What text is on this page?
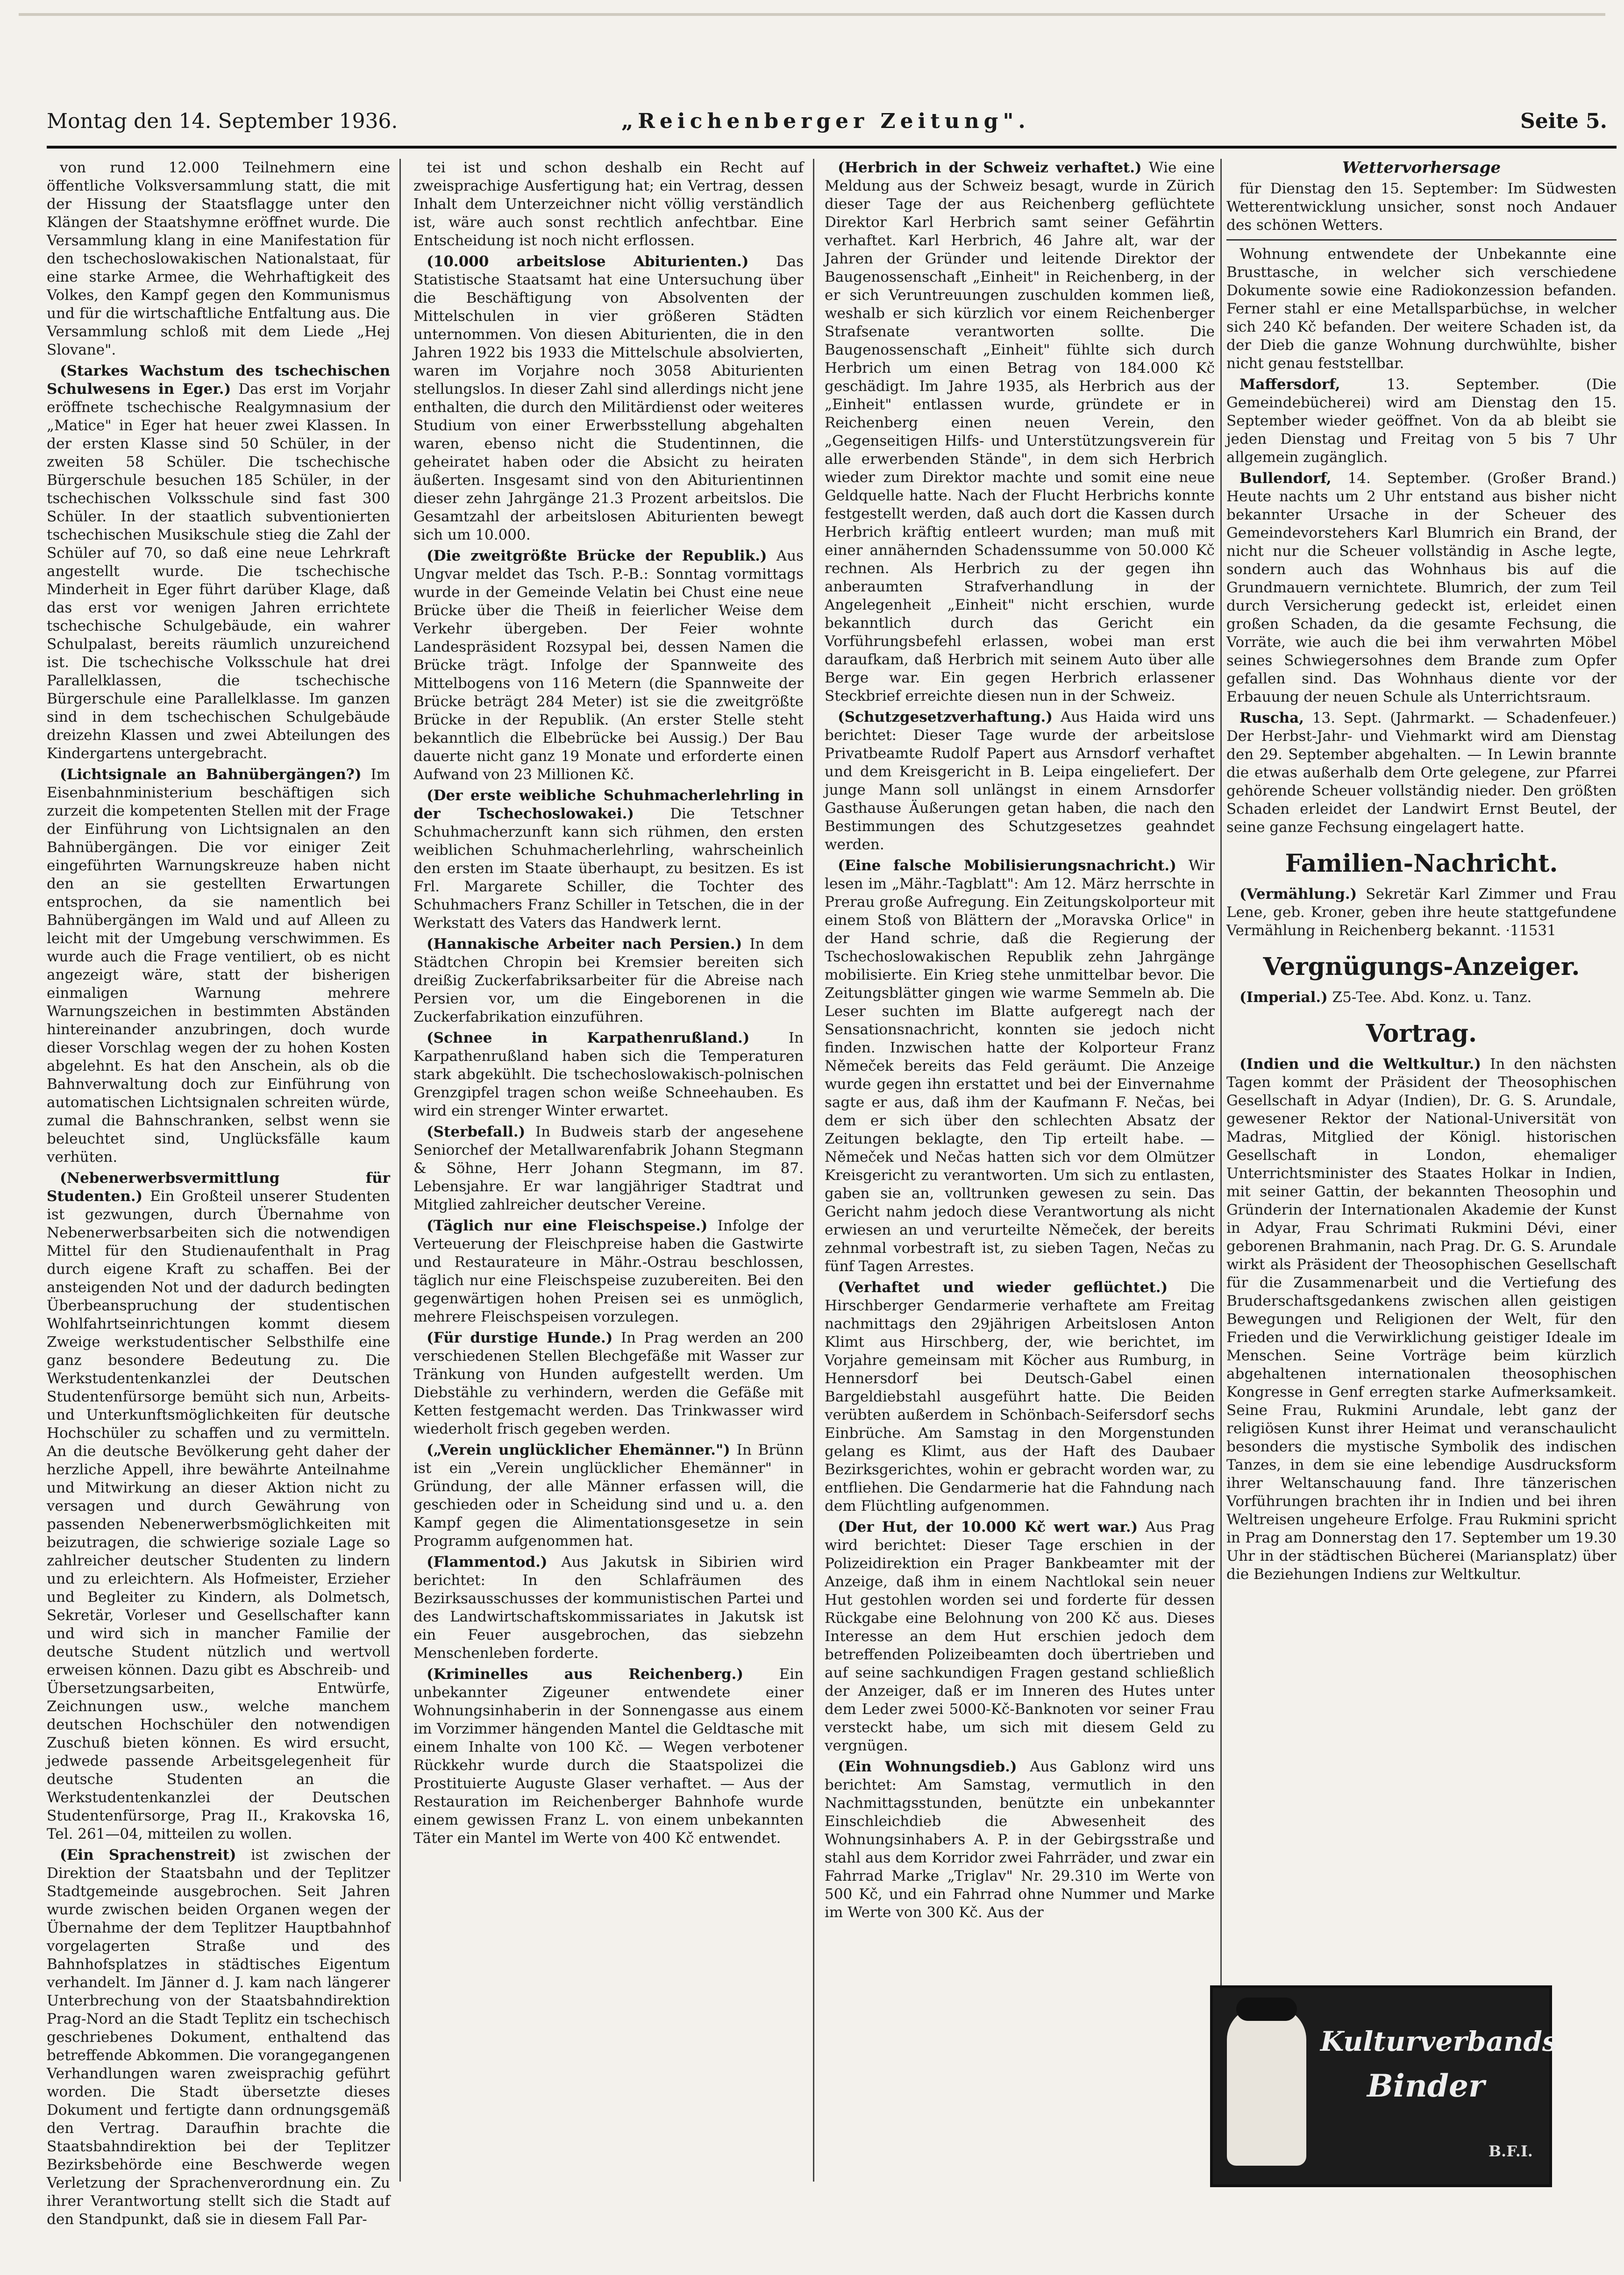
Montag den 14. September 1936.	„Reichenberger Zeitung".	Seite 5.
von rund 12.000 Teilnehmern eine öffentliche Volksversammlung statt, die mit der Hissung der Staatsflagge unter den Klängen der Staatshymne eröffnet wurde. Die Versammlung klang in eine Manifestation für den tschechoslowakischen Nationalstaat, für eine starke Armee, die Wehrhaftigkeit des Volkes, den Kampf gegen den Kommunismus und für die wirtschaftliche Entfaltung aus. Die Versammlung schloß mit dem Liede „Hej Slovane".
(Starkes Wachstum des tschechischen Schulwesens in Eger.) Das erst im Vorjahr eröffnete tschechische Realgymnasium der „Matice" in Eger hat heuer zwei Klassen. In der ersten Klasse sind 50 Schüler, in der zweiten 58 Schüler. Die tschechische Bürgerschule besuchen 185 Schüler, in der tschechischen Volksschule sind fast 300 Schüler. In der staatlich subventionierten tschechischen Musikschule stieg die Zahl der Schüler auf 70, so daß eine neue Lehrkraft angestellt wurde. Die tschechische Minderheit in Eger führt darüber Klage, daß das erst vor wenigen Jahren errichtete tschechische Schulgebäude, ein wahrer Schulpalast, bereits räumlich unzureichend ist. Die tschechische Volksschule hat drei Parallelklassen, die tschechische Bürgerschule eine Parallelklasse. Im ganzen sind in dem tschechischen Schulgebäude dreizehn Klassen und zwei Abteilungen des Kindergartens untergebracht.
(Lichtsignale an Bahnübergängen?) Im Eisenbahnministerium beschäftigen sich zurzeit die kompetenten Stellen mit der Frage der Einführung von Lichtsignalen an den Bahnübergängen. Die vor einiger Zeit eingeführten Warnungskreuze haben nicht den an sie gestellten Erwartungen entsprochen, da sie namentlich bei Bahnübergängen im Wald und auf Alleen zu leicht mit der Umgebung verschwimmen. Es wurde auch die Frage ventiliert, ob es nicht angezeigt wäre, statt der bisherigen einmaligen Warnung mehrere Warnungszeichen in bestimmten Abständen hintereinander anzubringen, doch wurde dieser Vorschlag wegen der zu hohen Kosten abgelehnt. Es hat den Anschein, als ob die Bahnverwaltung doch zur Einführung von automatischen Lichtsignalen schreiten würde, zumal die Bahnschranken, selbst wenn sie beleuchtet sind, Unglücksfälle kaum verhüten.
(Nebenerwerbsvermittlung für Studenten.) Ein Großteil unserer Studenten ist gezwungen, durch Übernahme von Nebenerwerbsarbeiten sich die notwendigen Mittel für den Studienaufenthalt in Prag durch eigene Kraft zu schaffen. Bei der ansteigenden Not und der dadurch bedingten Überbeanspruchung der studentischen Wohlfahrtseinrichtungen kommt diesem Zweige werkstudentischer Selbsthilfe eine ganz besondere Bedeutung zu. Die Werkstudentenkanzlei der Deutschen Studentenfürsorge bemüht sich nun, Arbeits- und Unterkunftsmöglichkeiten für deutsche Hochschüler zu schaffen und zu vermitteln. An die deutsche Bevölkerung geht daher der herzliche Appell, ihre bewährte Anteilnahme und Mitwirkung an dieser Aktion nicht zu versagen und durch Gewährung von passenden Nebenerwerbsmöglichkeiten mit beizutragen, die schwierige soziale Lage so zahlreicher deutscher Studenten zu lindern und zu erleichtern. Als Hofmeister, Erzieher und Begleiter zu Kindern, als Dolmetsch, Sekretär, Vorleser und Gesellschafter kann und wird sich in mancher Familie der deutsche Student nützlich und wertvoll erweisen können. Dazu gibt es Abschreib- und Übersetzungsarbeiten, Entwürfe, Zeichnungen usw., welche manchem deutschen Hochschüler den notwendigen Zuschuß bieten können. Es wird ersucht, jedwede passende Arbeitsgelegenheit für deutsche Studenten an die Werkstudentenkanzlei der Deutschen Studentenfürsorge, Prag II., Krakovska 16, Tel. 261—04, mitteilen zu wollen.
(Ein Sprachenstreit) ist zwischen der Direktion der Staatsbahn und der Teplitzer Stadtgemeinde ausgebrochen. Seit Jahren wurde zwischen beiden Organen wegen der Übernahme der dem Teplitzer Hauptbahnhof vorgelagerten Straße und des Bahnhofsplatzes in städtisches Eigentum verhandelt. Im Jänner d. J. kam nach längerer Unterbrechung von der Staatsbahndirektion Prag-Nord an die Stadt Teplitz ein tschechisch geschriebenes Dokument, enthaltend das betreffende Abkommen. Die vorangegangenen Verhandlungen waren zweisprachig geführt worden. Die Stadt übersetzte dieses Dokument und fertigte dann ordnungsgemäß den Vertrag. Daraufhin brachte die Staatsbahndirektion bei der Teplitzer Bezirksbehörde eine Beschwerde wegen Verletzung der Sprachenverordnung ein. Zu ihrer Verantwortung stellt sich die Stadt auf den Standpunkt, daß sie in diesem Fall Par-
tei ist und schon deshalb ein Recht auf zweisprachige Ausfertigung hat; ein Vertrag, dessen Inhalt dem Unterzeichner nicht völlig verständlich ist, wäre auch sonst rechtlich anfechtbar. Eine Entscheidung ist noch nicht erflossen.
(10.000 arbeitslose Abiturienten.) Das Statistische Staatsamt hat eine Untersuchung über die Beschäftigung von Absolventen der Mittelschulen in vier größeren Städten unternommen. Von diesen Abiturienten, die in den Jahren 1922 bis 1933 die Mittelschule absolvierten, waren im Vorjahre noch 3058 Abiturienten stellungslos. In dieser Zahl sind allerdings nicht jene enthalten, die durch den Militärdienst oder weiteres Studium von einer Erwerbsstellung abgehalten waren, ebenso nicht die Studentinnen, die geheiratet haben oder die Absicht zu heiraten äußerten. Insgesamt sind von den Abiturientinnen dieser zehn Jahrgänge 21.3 Prozent arbeitslos. Die Gesamtzahl der arbeitslosen Abiturienten bewegt sich um 10.000.
(Die zweitgrößte Brücke der Republik.) Aus Ungvar meldet das Tsch. P.-B.: Sonntag vormittags wurde in der Gemeinde Velatin bei Chust eine neue Brücke über die Theiß in feierlicher Weise dem Verkehr übergeben. Der Feier wohnte Landespräsident Rozsypal bei, dessen Namen die Brücke trägt. Infolge der Spannweite des Mittelbogens von 116 Metern (die Spannweite der Brücke beträgt 284 Meter) ist sie die zweitgrößte Brücke in der Republik. (An erster Stelle steht bekanntlich die Elbebrücke bei Aussig.) Der Bau dauerte nicht ganz 19 Monate und erforderte einen Aufwand von 23 Millionen Kč.
(Der erste weibliche Schuhmacherlehrling in der Tschechoslowakei.) Die Tetschner Schuhmacherzunft kann sich rühmen, den ersten weiblichen Schuhmacherlehrling, wahrscheinlich den ersten im Staate überhaupt, zu besitzen. Es ist Frl. Margarete Schiller, die Tochter des Schuhmachers Franz Schiller in Tetschen, die in der Werkstatt des Vaters das Handwerk lernt.
(Hannakische Arbeiter nach Persien.) In dem Städtchen Chropin bei Kremsier bereiten sich dreißig Zuckerfabriksarbeiter für die Abreise nach Persien vor, um die Eingeborenen in die Zuckerfabrikation einzuführen.
(Schnee in Karpathenrußland.)	In Karpathenrußland haben sich die Temperaturen stark abgekühlt. Die tschechoslowakisch-polnischen Grenzgipfel tragen schon weiße Schneehauben. Es wird ein strenger Winter erwartet.
(Sterbefall.) In Budweis starb der angesehene Seniorchef der Metallwarenfabrik Johann Stegmann & Söhne, Herr Johann Stegmann, im 87. Lebensjahre. Er war langjähriger Stadtrat und Mitglied zahlreicher deutscher Vereine.
(Täglich nur eine Fleischspeise.) Infolge der Verteuerung der Fleischpreise haben die Gastwirte und Restaurateure in Mähr.-Ostrau beschlossen, täglich nur eine Fleischspeise zuzubereiten. Bei den gegenwärtigen hohen Preisen sei es unmöglich, mehrere Fleischspeisen vorzulegen.
(Für durstige Hunde.) In Prag werden an 200 verschiedenen Stellen Blechgefäße mit Wasser zur Tränkung von Hunden aufgestellt werden. Um Diebstähle zu verhindern, werden die Gefäße mit Ketten festgemacht werden. Das Trinkwasser wird wiederholt frisch gegeben werden.
(„Verein unglücklicher Ehemänner.") In Brünn ist ein „Verein unglücklicher Ehemänner" in Gründung, der alle Männer erfassen will, die geschieden oder in Scheidung sind und u. a. den Kampf gegen die Alimentationsgesetze in sein Programm aufgenommen hat.
(Flammentod.) Aus Jakutsk in Sibirien wird berichtet: In den Schlafräumen des Bezirksausschusses der kommunistischen Partei und des Landwirtschaftskommissariates in Jakutsk ist ein Feuer ausgebrochen, das siebzehn Menschenleben forderte.
(Kriminelles aus Reichenberg.) Ein unbekannter Zigeuner entwendete einer Wohnungsinhaberin in der Sonnengasse aus einem im Vorzimmer hängenden Mantel die Geldtasche mit einem Inhalte von 100 Kč. — Wegen verbotener Rückkehr wurde durch die Staatspolizei die Prostituierte Auguste Glaser verhaftet. — Aus der Restauration im Reichenberger Bahnhofe wurde einem gewissen Franz L. von einem unbekannten Täter ein Mantel im Werte von 400 Kč entwendet.
(Herbrich in der Schweiz verhaftet.) Wie eine Meldung aus der Schweiz besagt, wurde in Zürich dieser Tage der aus Reichenberg geflüchtete Direktor Karl Herbrich samt seiner Gefährtin verhaftet. Karl Herbrich, 46 Jahre alt, war der Jahren der Gründer und leitende Direktor der Baugenossenschaft „Einheit" in Reichenberg, in der er sich Veruntreuungen zuschulden kommen ließ, weshalb er sich kürzlich vor einem Reichenberger Strafsenate verantworten sollte. Die Baugenossenschaft „Einheit" fühlte sich durch Herbrich um einen Betrag von 184.000 Kč geschädigt. Im Jahre 1935, als Herbrich aus der „Einheit" entlassen wurde, gründete er in Reichenberg einen neuen Verein, den „Gegenseitigen Hilfs- und Unterstützungsverein für alle erwerbenden Stände", in dem sich Herbrich wieder zum Direktor machte und somit eine neue Geldquelle hatte. Nach der Flucht Herbrichs konnte festgestellt werden, daß auch dort die Kassen durch Herbrich kräftig entleert wurden; man muß mit einer annähernden Schadenssumme von 50.000 Kč rechnen. Als Herbrich zu der gegen ihn anberaumten Strafverhandlung in der Angelegenheit „Einheit" nicht erschien, wurde bekanntlich durch das Gericht ein Vorführungsbefehl erlassen, wobei man erst daraufkam, daß Herbrich mit seinem Auto über alle Berge war. Ein gegen Herbrich erlassener Steckbrief erreichte diesen nun in der Schweiz.
(Schutzgesetzverhaftung.) Aus Haida wird uns berichtet: Dieser Tage wurde der arbeitslose Privatbeamte Rudolf Papert aus Arnsdorf verhaftet und dem Kreisgericht in B. Leipa eingeliefert. Der junge Mann soll unlängst in einem Arnsdorfer Gasthause Äußerungen getan haben, die nach den Bestimmungen des Schutzgesetzes geahndet werden.
(Eine falsche Mobilisierungsnachricht.) Wir lesen im „Mähr.-Tagblatt": Am 12. März herrschte in Prerau große Aufregung. Ein Zeitungskolporteur mit einem Stoß von Blättern der „Moravska Orlice" in der Hand schrie, daß die Regierung der Tschechoslowakischen Republik zehn Jahrgänge mobilisierte. Ein Krieg stehe unmittelbar bevor. Die Zeitungsblätter gingen wie warme Semmeln ab. Die Leser suchten im Blatte aufgeregt nach der Sensationsnachricht, konnten sie jedoch nicht finden. Inzwischen hatte der Kolporteur Franz Němeček bereits das Feld geräumt. Die Anzeige wurde gegen ihn erstattet und bei der Einvernahme sagte er aus, daß ihm der Kaufmann F. Nečas, bei dem er sich über den schlechten Absatz der Zeitungen beklagte, den Tip erteilt habe. — Němeček und Nečas hatten sich vor dem Olmützer Kreisgericht zu verantworten. Um sich zu entlasten, gaben sie an, volltrunken gewesen zu sein. Das Gericht nahm jedoch diese Verantwortung als nicht erwiesen an und verurteilte Němeček, der bereits zehnmal vorbestraft ist, zu sieben Tagen, Nečas zu fünf Tagen Arrestes.
(Verhaftet und wieder geflüchtet.) Die Hirschberger Gendarmerie verhaftete am Freitag nachmittags den 29jährigen Arbeitslosen Anton Klimt aus Hirschberg, der, wie berichtet, im Vorjahre gemeinsam mit Köcher aus Rumburg, in Hennersdorf bei Deutsch-Gabel einen Bargeldiebstahl ausgeführt hatte. Die Beiden verübten außerdem in Schönbach-Seifersdorf sechs Einbrüche. Am Samstag in den Morgenstunden gelang es Klimt, aus der Haft des Daubaer Bezirksgerichtes, wohin er gebracht worden war, zu entfliehen. Die Gendarmerie hat die Fahndung nach dem Flüchtling aufgenommen.
(Der Hut, der 10.000 Kč wert war.) Aus Prag wird berichtet: Dieser Tage erschien in der Polizeidirektion ein Prager Bankbeamter mit der Anzeige, daß ihm in einem Nachtlokal sein neuer Hut gestohlen worden sei und forderte für dessen Rückgabe eine Belohnung von 200 Kč aus. Dieses Interesse an dem Hut erschien jedoch dem betreffenden Polizeibeamten doch übertrieben und auf seine sachkundigen Fragen gestand schließlich der Anzeiger, daß er im Inneren des Hutes unter dem Leder zwei 5000-Kč-Banknoten vor seiner Frau versteckt habe, um sich mit diesem Geld zu vergnügen.
(Ein Wohnungsdieb.) Aus Gablonz wird uns berichtet: Am Samstag, vermutlich in den Nachmittagsstunden, benützte ein unbekannter Einschleichdieb die Abwesenheit des Wohnungsinhabers A. P. in der Gebirgsstraße und stahl aus dem Korridor zwei Fahrräder, und zwar ein Fahrrad Marke „Triglav" Nr. 29.310 im Werte von 500 Kč, und ein Fahrrad ohne Nummer und Marke im Werte von 300 Kč. Aus der
Wettervorhersage
für Dienstag den 15. September: Im Südwesten Wetterentwicklung unsicher, sonst noch Andauer des schönen Wetters.
Wohnung entwendete der Unbekannte eine Brusttasche, in welcher sich verschiedene Dokumente sowie eine Radiokonzession befanden. Ferner stahl er eine Metallsparbüchse, in welcher sich 240 Kč befanden. Der weitere Schaden ist, da der Dieb die ganze Wohnung durchwühlte, bisher nicht genau feststellbar.
Maffersdorf,	13. September. (Die Gemeindebücherei) wird am Dienstag den 15. September wieder geöffnet. Von da ab bleibt sie jeden Dienstag und Freitag von 5 bis 7 Uhr allgemein zugänglich.
Bullendorf, 14. September. (Großer Brand.) Heute nachts um 2 Uhr entstand aus bisher nicht bekannter Ursache in der Scheuer des Gemeindevorstehers Karl Blumrich ein Brand, der nicht nur die Scheuer vollständig in Asche legte, sondern auch das Wohnhaus bis auf die Grundmauern vernichtete. Blumrich, der zum Teil durch Versicherung gedeckt ist, erleidet einen großen Schaden, da die gesamte Fechsung, die Vorräte, wie auch die bei ihm verwahrten Möbel seines Schwiegersohnes dem Brande zum Opfer gefallen sind. Das Wohnhaus diente vor der Erbauung der neuen Schule als Unterrichtsraum.
Ruscha, 13. Sept. (Jahrmarkt. — Schadenfeuer.) Der Herbst-Jahr- und Viehmarkt wird am Dienstag den 29. September abgehalten. — In Lewin brannte die etwas außerhalb dem Orte gelegene, zur Pfarrei gehörende Scheuer vollständig nieder. Den größten Schaden erleidet der Landwirt Ernst Beutel, der seine ganze Fechsung eingelagert hatte.
Familien-Nachricht.
(Vermählung.) Sekretär Karl Zimmer und Frau Lene, geb. Kroner, geben ihre heute stattgefundene Vermählung in Reichenberg bekannt. ·11531
Vergnügungs-Anzeiger.
(Imperial.) Z5-Tee. Abd. Konz. u. Tanz.
Vortrag.
(Indien und die Weltkultur.) In den nächsten Tagen kommt der Präsident der Theosophischen Gesellschaft in Adyar (Indien), Dr. G. S. Arundale, gewesener Rektor der National-Universität von Madras, Mitglied der Königl. historischen Gesellschaft in London, ehemaliger Unterrichtsminister des Staates Holkar in Indien, mit seiner Gattin, der bekannten Theosophin und Gründerin der Internationalen Akademie der Kunst in Adyar, Frau Schrimati Rukmini Dévi, einer geborenen Brahmanin, nach Prag. Dr. G. S. Arundale wirkt als Präsident der Theosophischen Gesellschaft für die Zusammenarbeit und die Vertiefung des Bruderschaftsgedankens zwischen allen geistigen Bewegungen und Religionen der Welt, für den Frieden und die Verwirklichung geistiger Ideale im Menschen. Seine Vorträge beim kürzlich abgehaltenen internationalen theosophischen Kongresse in Genf erregten starke Aufmerksamkeit. Seine Frau, Rukmini Arundale, lebt ganz der religiösen Kunst ihrer Heimat und veranschaulicht besonders die mystische Symbolik des indischen Tanzes, in dem sie eine lebendige Ausdrucksform ihrer Weltanschauung fand. Ihre tänzerischen Vorführungen brachten ihr in Indien und bei ihren Weltreisen ungeheure Erfolge. Frau Rukmini spricht in Prag am Donnerstag den 17. September um 19.30 Uhr in der städtischen Bücherei (Mariansplatz) über die Beziehungen Indiens zur Weltkultur.
Kulturverbands
Binder
B.F.I.
